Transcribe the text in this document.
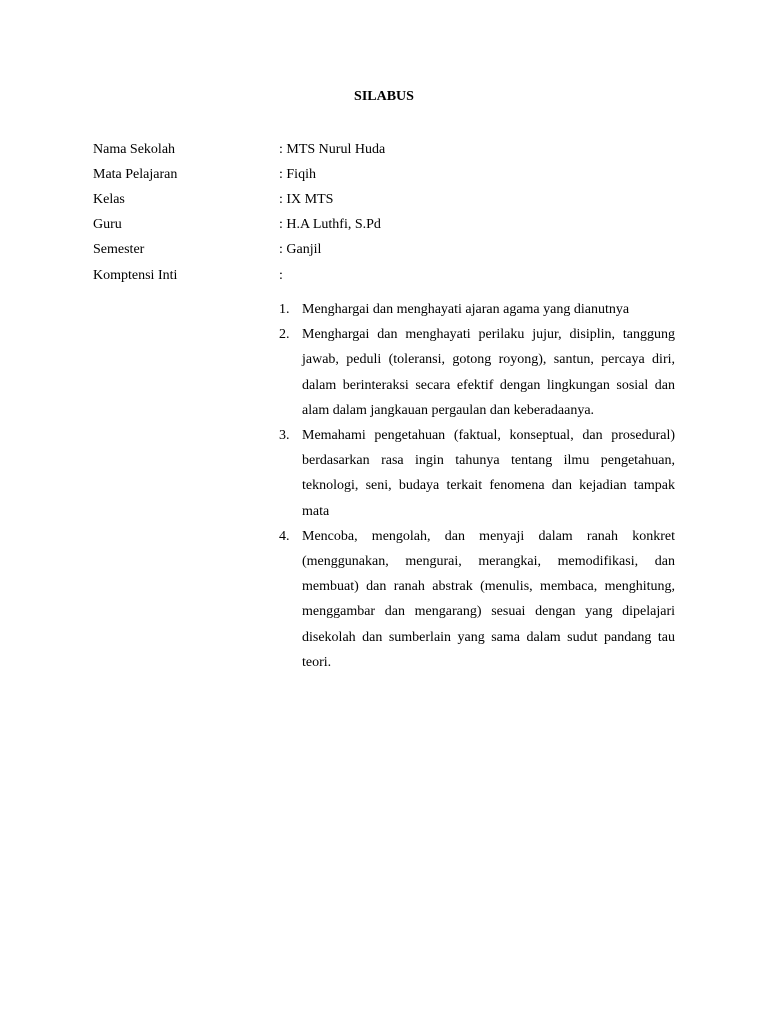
SILABUS
Nama Sekolah	: MTS Nurul Huda
Mata Pelajaran	: Fiqih
Kelas	: IX MTS
Guru	: H.A Luthfi, S.Pd
Semester	: Ganjil
Komptensi Inti	:
1. Menghargai dan menghayati ajaran agama yang dianutnya
2. Menghargai dan menghayati perilaku jujur, disiplin, tanggung jawab, peduli (toleransi, gotong royong), santun, percaya diri, dalam berinteraksi secara efektif dengan lingkungan sosial dan alam dalam jangkauan pergaulan dan keberadaanya.
3. Memahami pengetahuan (faktual, konseptual, dan prosedural) berdasarkan rasa ingin tahunya tentang ilmu pengetahuan, teknologi, seni, budaya terkait fenomena dan kejadian tampak mata
4. Mencoba, mengolah, dan menyaji dalam ranah konkret (menggunakan, mengurai, merangkai, memodifikasi, dan membuat) dan ranah abstrak (menulis, membaca, menghitung, menggambar dan mengarang) sesuai dengan yang dipelajari disekolah dan sumberlain yang sama dalam sudut pandang tau teori.
